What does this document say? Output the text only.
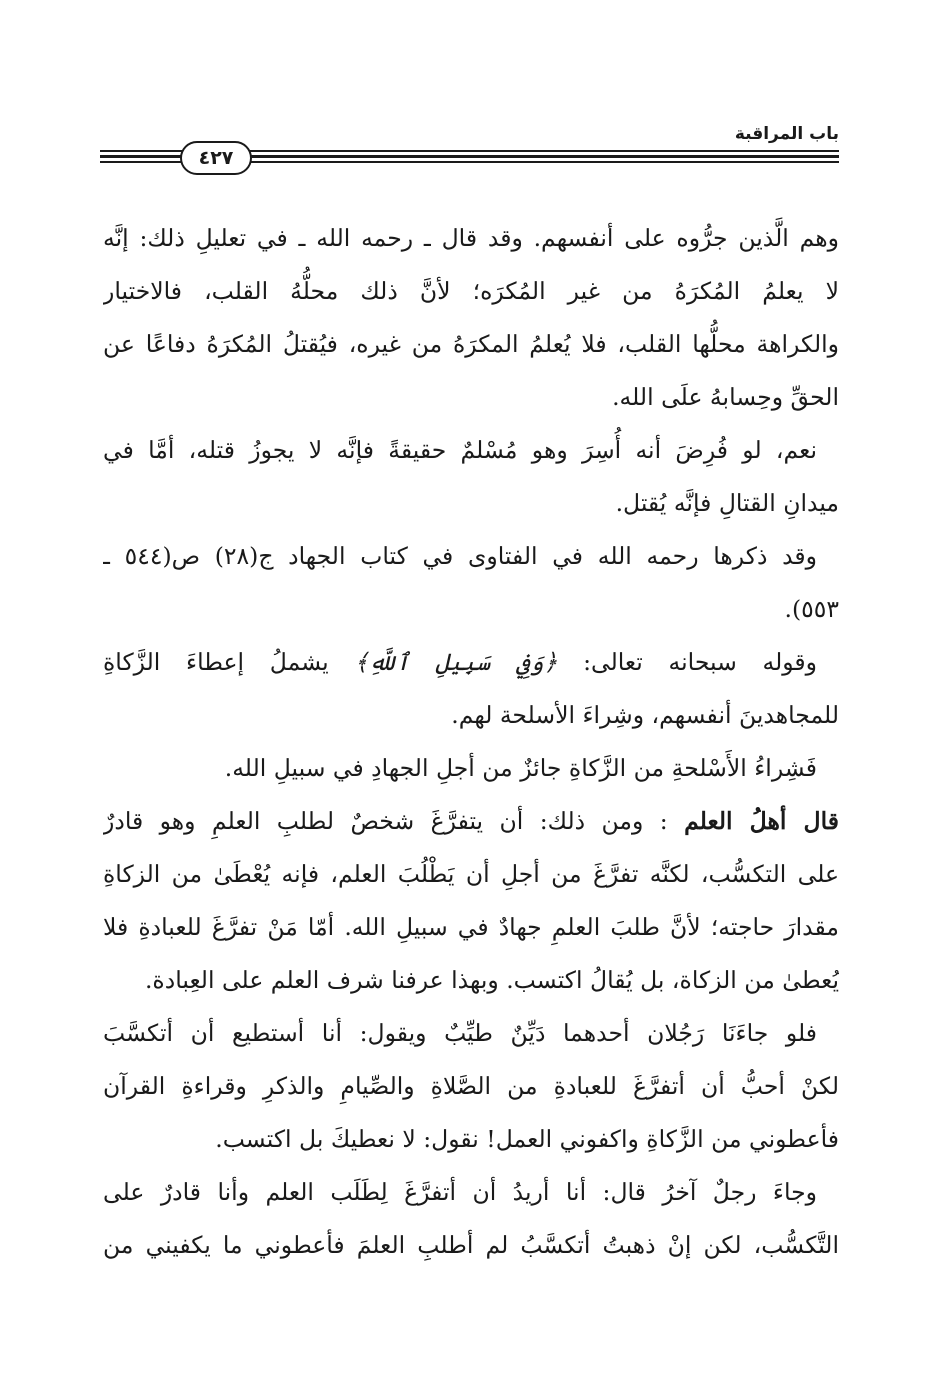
باب المراقبة
٤٢٧
وهم الَّذين جرُّوه على أنفسهم. وقد قال ـ رحمه الله ـ في تعليلِ ذلك: إنَّه
لا يعلمُ المُكرَهُ من غير المُكرَه؛ لأنَّ ذلك محلُّهُ القلب، فالاختيار
والكراهة محلُّها القلب، فلا يُعلمُ المكرَهُ من غيره، فيُقتلُ المُكرَهُ دفاعًا عن
الحقِّ وحِسابهُ علَى الله.
نعم، لو فُرِضَ أنه أُسِرَ وهو مُسْلمٌ حقيقةً فإنَّه لا يجوزُ قتله، أمَّا في
ميدانِ القتالِ فإنَّه يُقتل.
وقد ذكرها رحمه الله في الفتاوى في كتاب الجهاد ج(٢٨) ص(٥٤٤ ـ
٥٥٣).
وقوله سبحانه تعالى: ﴿وَفِي سَبِيلِ ٱللَّهِ﴾ يشملُ إعطاءَ الزَّكاةِ
للمجاهدينَ أنفسهم، وشِراءَ الأسلحة لهم.
فَشِراءُ الأَسْلحةِ من الزَّكاةِ جائزٌ من أجلِ الجهادِ في سبيلِ الله.
قال أهلُ العلم : ومن ذلك: أن يتفرَّغَ شخصٌ لطلبِ العلمِ وهو قادرٌ
على التكسُّب، لكنَّه تفرَّغَ من أجلِ أن يَطْلُبَ العلم، فإنه يُعْطَىٰ من الزكاةِ
مقدارَ حاجته؛ لأنَّ طلبَ العلمِ جهادٌ في سبيلِ الله. أمّا مَنْ تفرَّغَ للعبادةِ فلا
يُعطىٰ من الزكاة، بل يُقالُ اكتسب. وبهذا عرفنا شرف العلم على العِبادة.
فلو جاءَنَا رَجُلان أحدهما دَيِّنٌ طيِّبٌ ويقول: أنا أستطيع أن أتكسَّبَ
لكنْ أحبُّ أن أتفرَّغَ للعبادةِ من الصَّلاةِ والصِّيامِ والذكرِ وقراءةِ القرآن
فأعطوني من الزَّكاةِ واكفوني العمل! نقول: لا نعطيكَ بل اكتسب.
وجاءَ رجلٌ آخرُ قال: أنا أريدُ أن أتفرَّغَ لِطَلَب العلم وأنا قادرٌ على
التَّكسُّب، لكن إنْ ذهبتُ أتكسَّبُ لم أطلبِ العلمَ فأعطوني ما يكفيني من
